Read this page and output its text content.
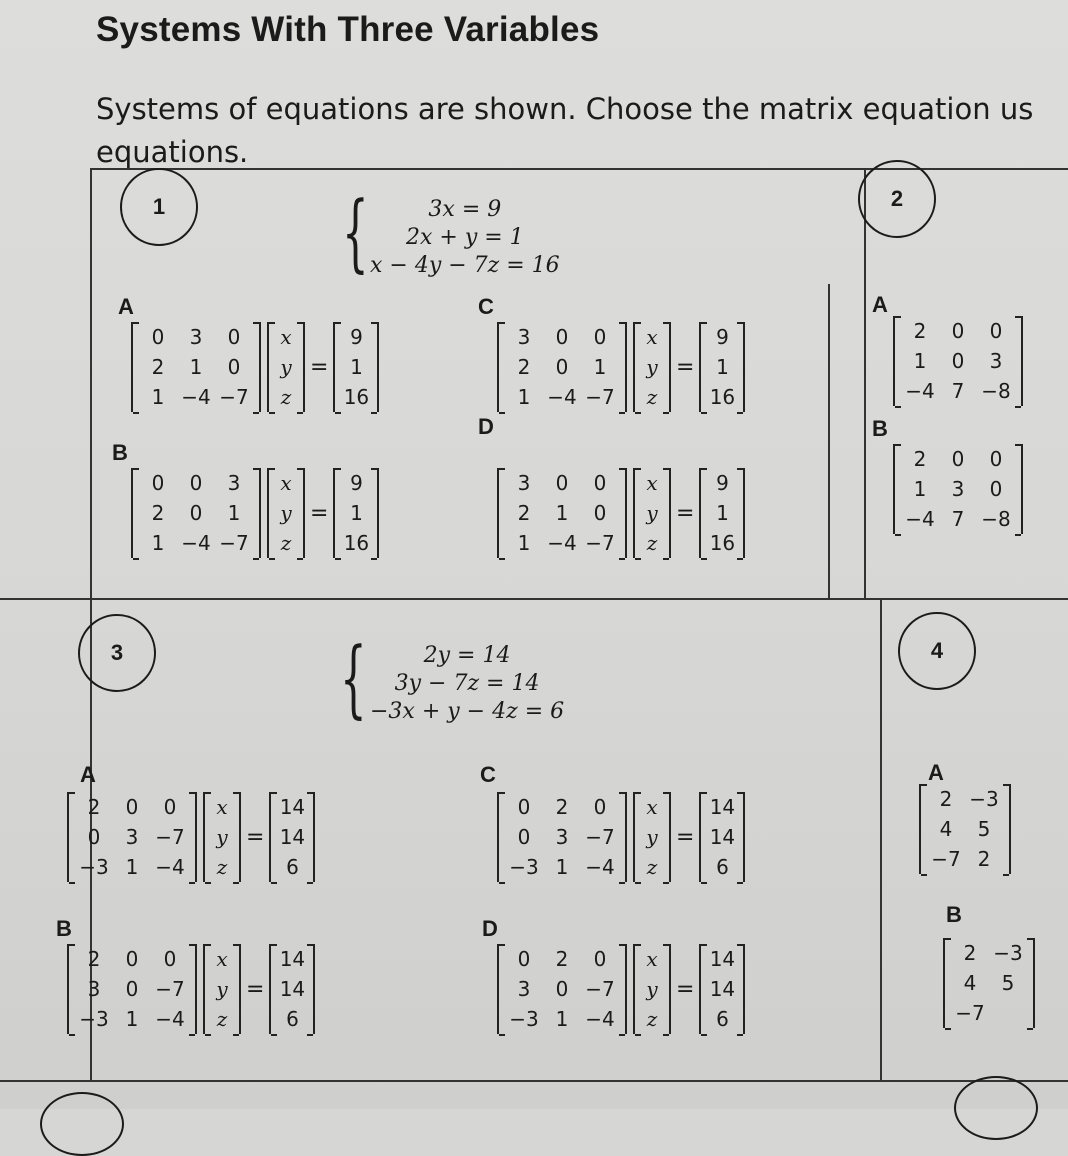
Systems With Three Variables
Systems of equations are shown. Choose the matrix equation us
equations.
1	{	3x = 9
2x + y = 1
x − 4y − 7z = 16
A
0	3	0
2	1	0
1 −4 −7
x
y
z
=
9
1
16
C
3	0	0
2	0	1
1 −4 −7
x
y
z
=
9
1
16
B
0	0	3
2	0	1
1 −4 −7
x
y
z
=
9
1
16
D
3	0	0
2	1	0
1 −4 −7
x
y
z
=
9
1
16
2
A
2	0	0
1	0	3
−4 7 −8
B
2	0	0
1	3	0
−4 7 −8
3	{	2y = 14
3y − 7z = 14
−3x + y − 4z = 6
A
2	0	0
0	3 −7
−3 1 −4
x
y
z
=
14
14
6
C
0	2	0
0	3 −7
−3 1 −4
x
y
z
=
14
14
6
B
2	0	0
3	0 −7
−3 1 −4
x
y
z
=
14
14
6
D
0	2	0
3	0 −7
−3 1 −4
x
y
z
=
14
14
6
4
A
2 −3
4	5
−7 2
B
2 −3
4	5
−7
